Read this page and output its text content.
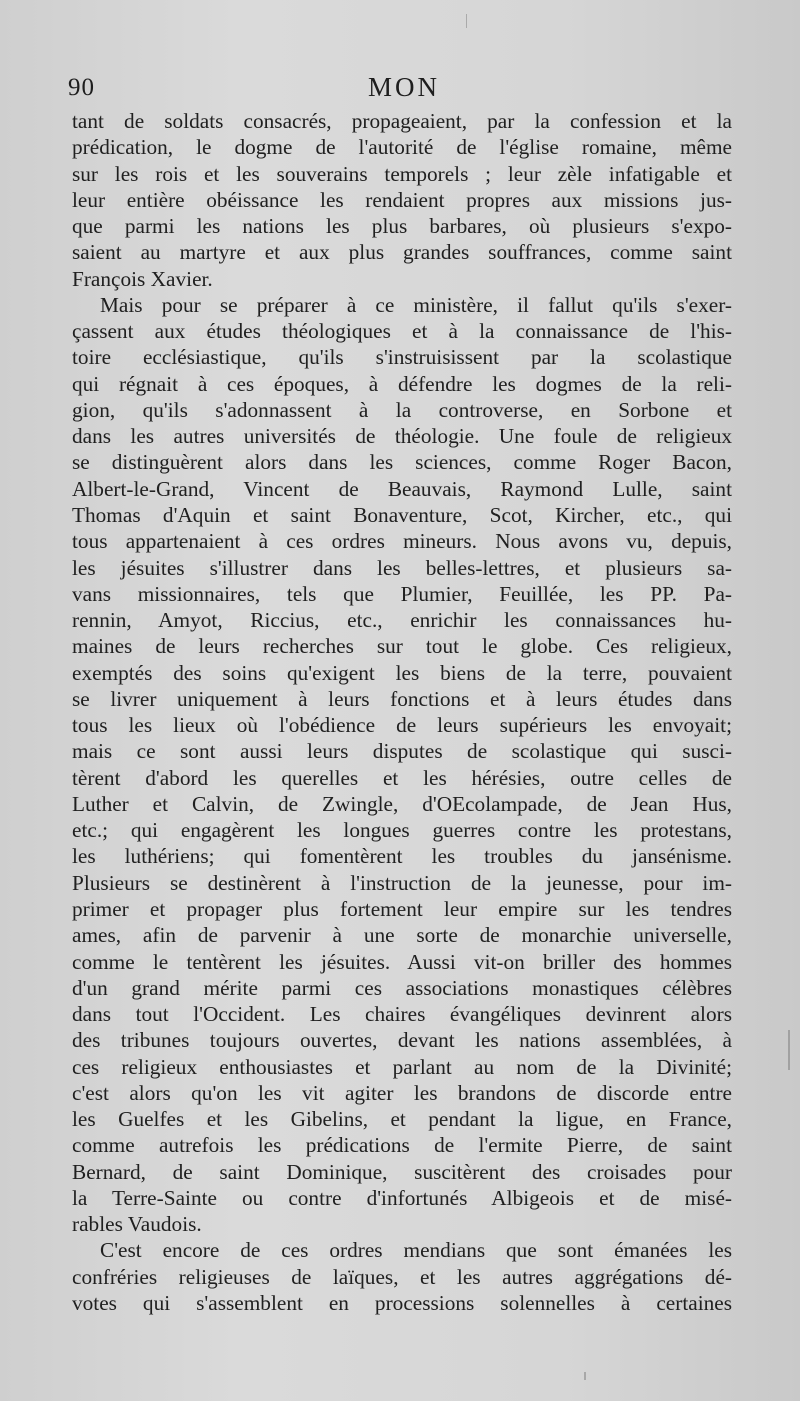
90	MON
tant de soldats consacrés, propageaient, par la confession et la
prédication, le dogme de l'autorité de l'église romaine, même
sur les rois et les souverains temporels ; leur zèle infatigable et
leur entière obéissance les rendaient propres aux missions jus-
que parmi les nations les plus barbares, où plusieurs s'expo-
saient au martyre et aux plus grandes souffrances, comme saint
François Xavier.
Mais pour se préparer à ce ministère, il fallut qu'ils s'exer-
çassent aux études théologiques et à la connaissance de l'his-
toire ecclésiastique, qu'ils s'instruisissent par la scolastique
qui régnait à ces époques, à défendre les dogmes de la reli-
gion, qu'ils s'adonnassent à la controverse, en Sorbone et
dans les autres universités de théologie. Une foule de religieux
se distinguèrent alors dans les sciences, comme Roger Bacon,
Albert-le-Grand, Vincent de Beauvais, Raymond Lulle, saint
Thomas d'Aquin et saint Bonaventure, Scot, Kircher, etc., qui
tous appartenaient à ces ordres mineurs. Nous avons vu, depuis,
les jésuites s'illustrer dans les belles-lettres, et plusieurs sa-
vans missionnaires, tels que Plumier, Feuillée, les PP. Pa-
rennin, Amyot, Riccius, etc., enrichir les connaissances hu-
maines de leurs recherches sur tout le globe. Ces religieux,
exemptés des soins qu'exigent les biens de la terre, pouvaient
se livrer uniquement à leurs fonctions et à leurs études dans
tous les lieux où l'obédience de leurs supérieurs les envoyait;
mais ce sont aussi leurs disputes de scolastique qui susci-
tèrent d'abord les querelles et les hérésies, outre celles de
Luther et Calvin, de Zwingle, d'OEcolampade, de Jean Hus,
etc.; qui engagèrent les longues guerres contre les protestans,
les luthériens; qui fomentèrent les troubles du jansénisme.
Plusieurs se destinèrent à l'instruction de la jeunesse, pour im-
primer et propager plus fortement leur empire sur les tendres
ames, afin de parvenir à une sorte de monarchie universelle,
comme le tentèrent les jésuites. Aussi vit-on briller des hommes
d'un grand mérite parmi ces associations monastiques célèbres
dans tout l'Occident. Les chaires évangéliques devinrent alors
des tribunes toujours ouvertes, devant les nations assemblées, à
ces religieux enthousiastes et parlant au nom de la Divinité;
c'est alors qu'on les vit agiter les brandons de discorde entre
les Guelfes et les Gibelins, et pendant la ligue, en France,
comme autrefois les prédications de l'ermite Pierre, de saint
Bernard, de saint Dominique, suscitèrent des croisades pour
la Terre-Sainte ou contre d'infortunés Albigeois et de misé-
rables Vaudois.
C'est encore de ces ordres mendians que sont émanées les
confréries religieuses de laïques, et les autres aggrégations dé-
votes qui s'assemblent en processions solennelles à certaines
